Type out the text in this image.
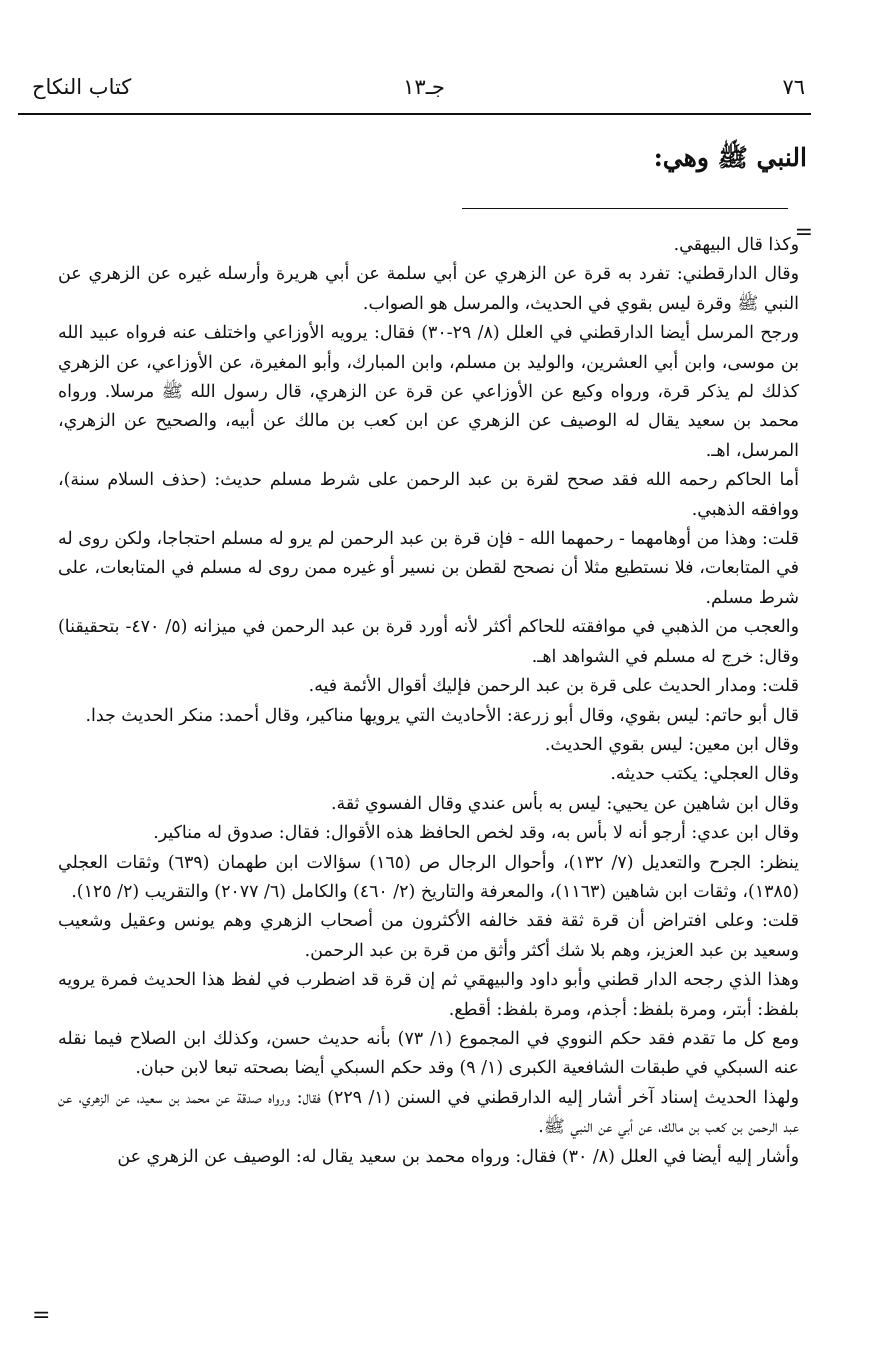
كتاب النكاح	جـ١٣	٧٦
النبي ﷺ وهي:
=

وكذا قال البيهقي.

وقال الدارقطني: تفرد به قرة عن الزهري عن أبي سلمة عن أبي هريرة وأرسله غيره عن الزهري عن النبي ﷺ وقرة ليس بقوي في الحديث، والمرسل هو الصواب.

ورجح المرسل أيضا الدارقطني في العلل (٨/ ٢٩-٣٠) فقال: يرويه الأوزاعي واختلف عنه فرواه عبيد الله بن موسى، وابن أبي العشرين، والوليد بن مسلم، وابن المبارك، وأبو المغيرة، عن الأوزاعي، عن الزهري كذلك لم يذكر قرة، ورواه وكيع عن الأوزاعي عن قرة عن الزهري، قال رسول الله ﷺ مرسلا. ورواه محمد بن سعيد يقال له الوصيف عن الزهري عن ابن كعب بن مالك عن أبيه، والصحيح عن الزهري، المرسل، اهـ.

أما الحاكم رحمه الله فقد صحح لقرة بن عبد الرحمن على شرط مسلم حديث: (حذف السلام سنة)، ووافقه الذهبي.

قلت: وهذا من أوهامهما - رحمهما الله - فإن قرة بن عبد الرحمن لم يرو له مسلم احتجاجا، ولكن روى له في المتابعات، فلا نستطيع مثلا أن نصحح لقطن بن نسير أو غيره ممن روى له مسلم في المتابعات، على شرط مسلم.

والعجب من الذهبي في موافقته للحاكم أكثر لأنه أورد قرة بن عبد الرحمن في ميزانه (٥/ ٤٧٠- بتحقيقنا) وقال: خرج له مسلم في الشواهد اهـ.

قلت: ومدار الحديث على قرة بن عبد الرحمن فإليك أقوال الأئمة فيه.

قال أبو حاتم: ليس بقوي، وقال أبو زرعة: الأحاديث التي يرويها مناكير، وقال أحمد: منكر الحديث جدا.

وقال ابن معين: ليس بقوي الحديث.

وقال العجلي: يكتب حديثه.

وقال ابن شاهين عن يحيي: ليس به بأس عندي وقال الفسوي ثقة.

وقال ابن عدي: أرجو أنه لا بأس به، وقد لخص الحافظ هذه الأقوال: فقال: صدوق له مناكير.

ينظر: الجرح والتعديل (٧/ ١٣٢)، وأحوال الرجال ص (١٦٥) سؤالات ابن طهمان (٦٣٩) وثقات العجلي (١٣٨٥)، وثقات ابن شاهين (١١٦٣)، والمعرفة والتاريخ (٢/ ٤٦٠) والكامل (٦/ ٢٠٧٧) والتقريب (٢/ ١٢٥).

قلت: وعلى افتراض أن قرة ثقة فقد خالفه الأكثرون من أصحاب الزهري وهم يونس وعقيل وشعيب وسعيد بن عبد العزيز، وهم بلا شك أكثر وأثق من قرة بن عبد الرحمن.

وهذا الذي رجحه الدار قطني وأبو داود والبيهقي ثم إن قرة قد اضطرب في لفظ هذا الحديث فمرة يرويه بلفظ: أبتر، ومرة بلفظ: أجذم، ومرة بلفظ: أقطع.

ومع كل ما تقدم فقد حكم النووي في المجموع (١/ ٧٣) بأنه حديث حسن، وكذلك ابن الصلاح فيما نقله عنه السبكي في طبقات الشافعية الكبرى (١/ ٩) وقد حكم السبكي أيضا بصحته تبعا لابن حبان.

ولهذا الحديث إسناد آخر أشار إليه الدارقطني في السنن (١/ ٢٢٩) فقال: ورواه صدقة عن محمد بن سعيد، عن الزهري، عن عبد الرحمن بن كعب بن مالك، عن أبي عن النبي ﷺ.

وأشار إليه أيضا في العلل (٨/ ٣٠) فقال: ورواه محمد بن سعيد يقال له: الوصيف عن الزهري عن

=
